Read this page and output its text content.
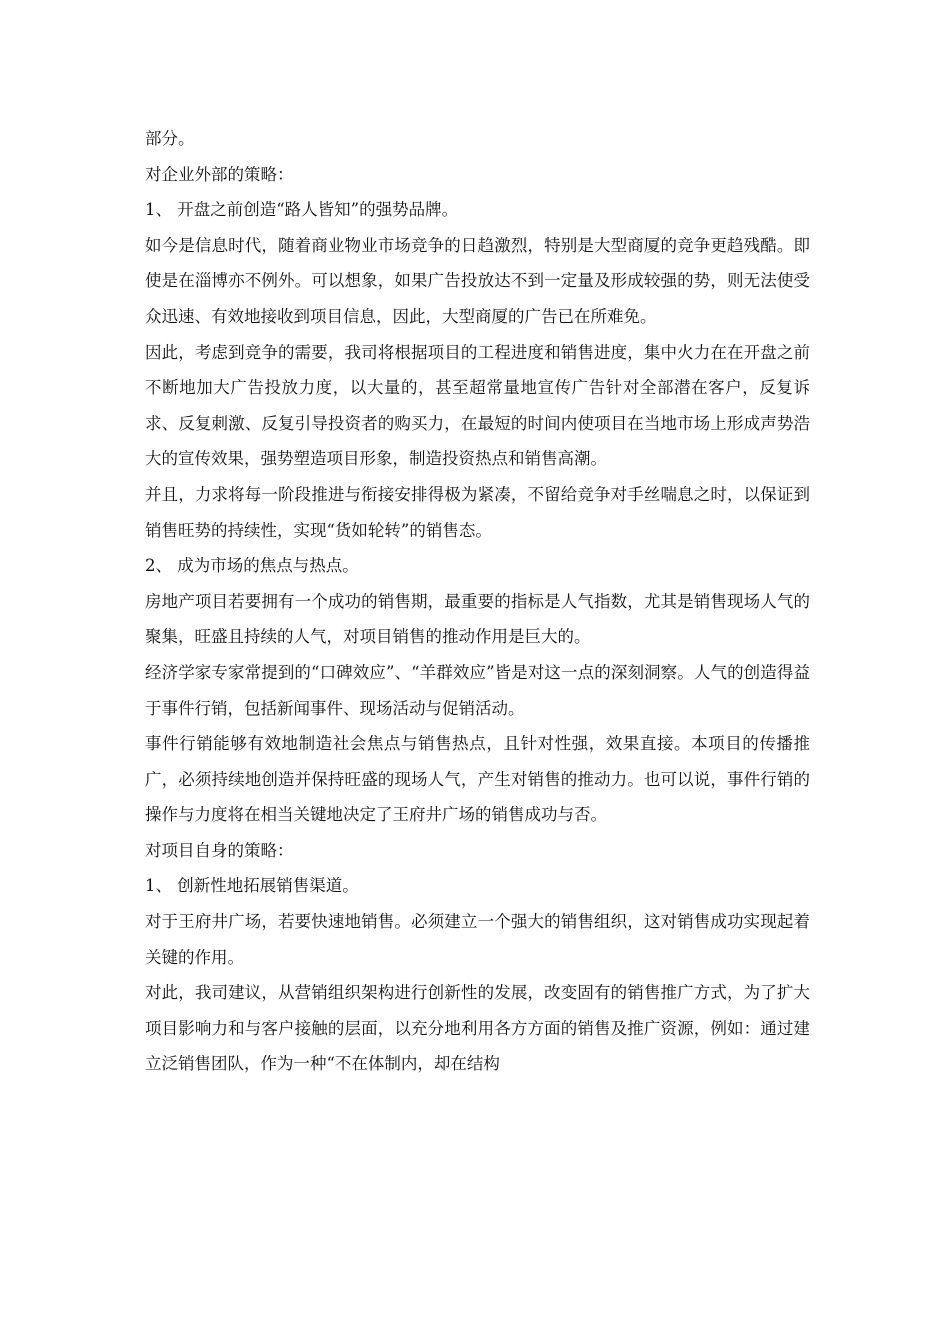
部分。

对企业外部的策略：

1、 开盘之前创造“路人皆知”的强势品牌。

如今是信息时代，随着商业物业市场竞争的日趋激烈，特别是大型商厦的竞争更趋残酷。即使是在淄博亦不例外。可以想象，如果广告投放达不到一定量及形成较强的势，则无法使受众迅速、有效地接收到项目信息，因此，大型商厦的广告已在所难免。

因此，考虑到竞争的需要，我司将根据项目的工程进度和销售进度，集中火力在在开盘之前不断地加大广告投放力度，以大量的，甚至超常量地宣传广告针对全部潜在客户，反复诉求、反复刺激、反复引导投资者的购买力，在最短的时间内使项目在当地市场上形成声势浩大的宣传效果，强势塑造项目形象，制造投资热点和销售高潮。

并且，力求将每一阶段推进与衔接安排得极为紧凑，不留给竞争对手丝喘息之时，以保证到销售旺势的持续性，实现“货如轮转”的销售态。

2、 成为市场的焦点与热点。

房地产项目若要拥有一个成功的销售期，最重要的指标是人气指数，尤其是销售现场人气的聚集，旺盛且持续的人气，对项目销售的推动作用是巨大的。

经济学家专家常提到的“口碑效应”、“羊群效应”皆是对这一点的深刻洞察。人气的创造得益于事件行销，包括新闻事件、现场活动与促销活动。

事件行销能够有效地制造社会焦点与销售热点，且针对性强，效果直接。本项目的传播推广，必须持续地创造并保持旺盛的现场人气，产生对销售的推动力。也可以说，事件行销的操作与力度将在相当关键地决定了王府井广场的销售成功与否。

对项目自身的策略：

1、 创新性地拓展销售渠道。

对于王府井广场，若要快速地销售。必须建立一个强大的销售组织，这对销售成功实现起着关键的作用。

对此，我司建议，从营销组织架构进行创新性的发展，改变固有的销售推广方式，为了扩大项目影响力和与客户接触的层面，以充分地利用各方方面的销售及推广资源，例如：通过建立泛销售团队，作为一种“不在体制内，却在结构
